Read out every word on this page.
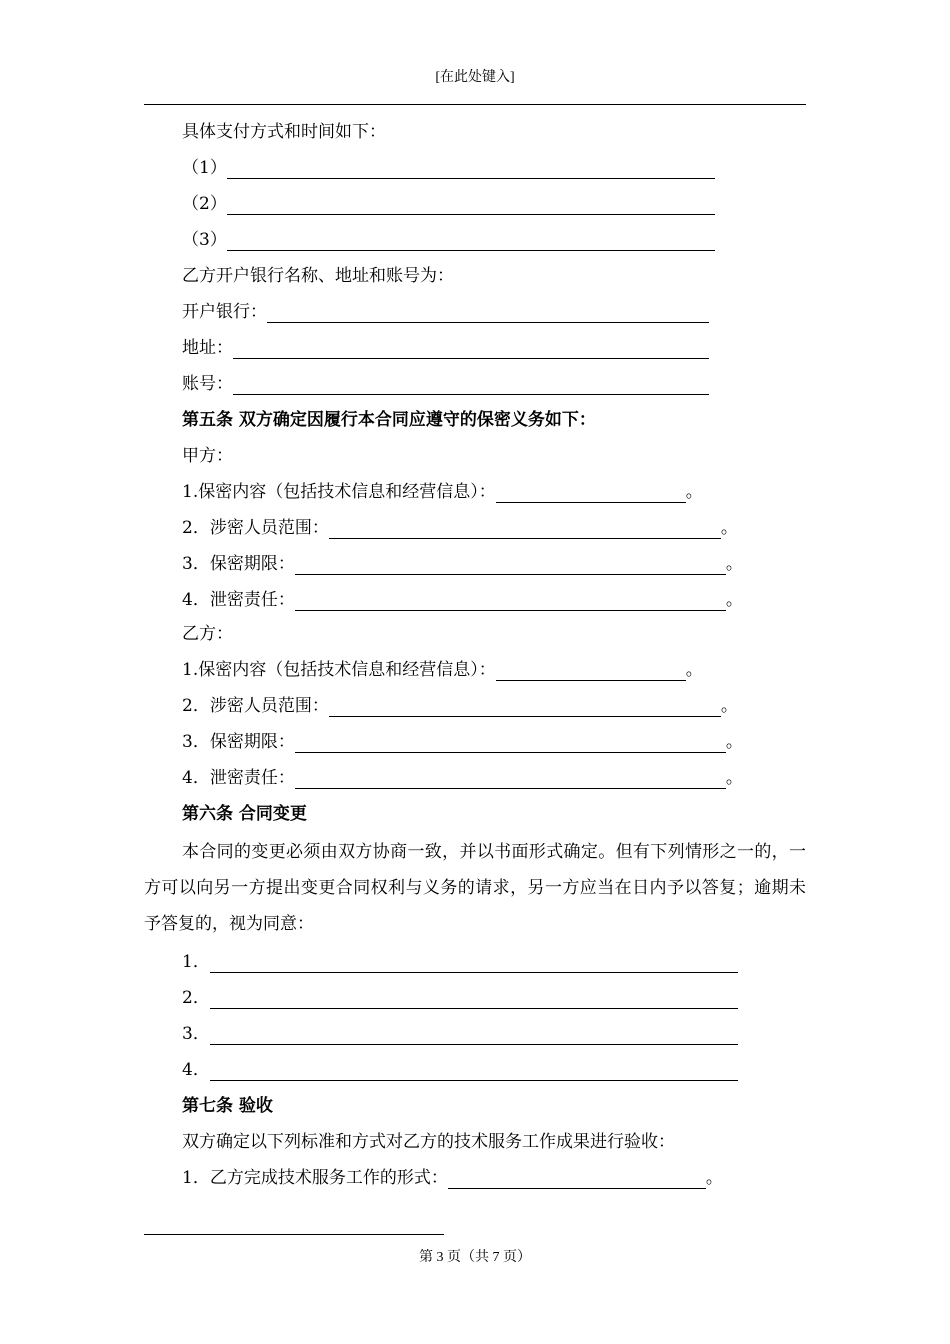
[在此处键入]
具体支付方式和时间如下：
（1）
（2）
（3）
乙方开户银行名称、地址和账号为：
开户银行：
地址：
账号：
第五条 双方确定因履行本合同应遵守的保密义务如下：
甲方：
1.保密内容（包括技术信息和经营信息）：	。
2．涉密人员范围：	。
3．保密期限：	。
4．泄密责任：	。
乙方：
1.保密内容（包括技术信息和经营信息）：	。
2．涉密人员范围：	。
3．保密期限：	。
4．泄密责任：	。
第六条 合同变更
本合同的变更必须由双方协商一致，并以书面形式确定。但有下列情形之一的，一方可以向另一方提出变更合同权利与义务的请求，另一方应当在日内予以答复；逾期未予答复的，视为同意：
1．
2．
3．
4．
第七条 验收
双方确定以下列标准和方式对乙方的技术服务工作成果进行验收：
1．乙方完成技术服务工作的形式：	。
第 3 页（共 7 页）
